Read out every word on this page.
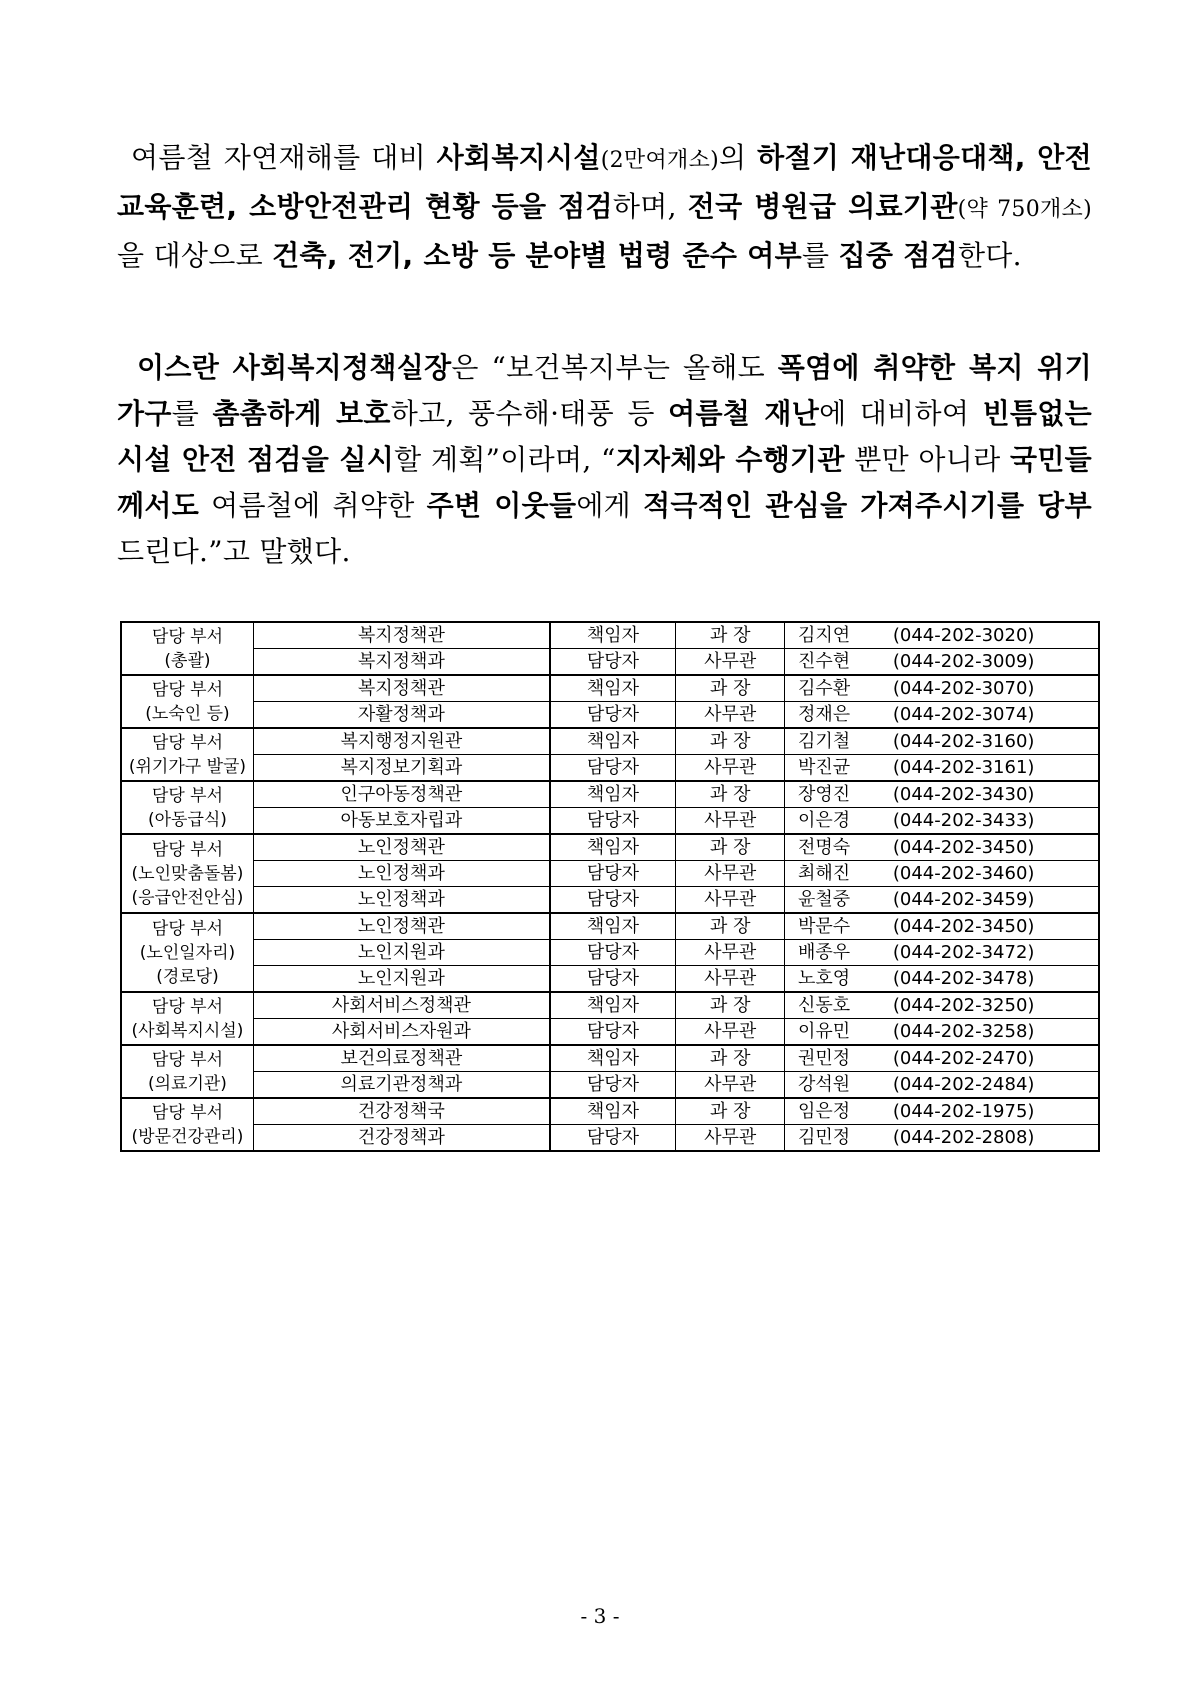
여름철 자연재해를 대비 사회복지시설(2만여개소)의 하절기 재난대응대책, 안전교육훈련, 소방안전관리 현황 등을 점검하며, 전국 병원급 의료기관(약 750개소)을 대상으로 건축, 전기, 소방 등 분야별 법령 준수 여부를 집중 점검한다.
이스란 사회복지정책실장은 “보건복지부는 올해도 폭염에 취약한 복지 위기가구를 촘촘하게 보호하고, 풍수해·태풍 등 여름철 재난에 대비하여 빈틈없는 시설 안전 점검을 실시할 계획”이라며, “지자체와 수행기관 뿐만 아니라 국민들께서도 여름철에 취약한 주변 이웃들에게 적극적인 관심을 가져주시기를 당부드린다.”고 말했다.
담당 부서
(총괄)	복지정책관	책임자	과 장	김지연	(044-202-3020)
	복지정책과	담당자	사무관	진수현	(044-202-3009)

담당 부서
(노숙인 등)	복지정책관	책임자	과 장	김수환	(044-202-3070)
	자활정책과	담당자	사무관	정재은	(044-202-3074)

담당 부서
(위기가구 발굴)	복지행정지원관	책임자	과 장	김기철	(044-202-3160)
	복지정보기획과	담당자	사무관	박진균	(044-202-3161)

담당 부서
(아동급식)	인구아동정책관	책임자	과 장	장영진	(044-202-3430)
	아동보호자립과	담당자	사무관	이은경	(044-202-3433)

담당 부서
(노인맞춤돌봄)
(응급안전안심)	노인정책관	책임자	과 장	전명숙	(044-202-3450)
	노인정책과	담당자	사무관	최해진	(044-202-3460)
	노인정책과	담당자	사무관	윤철중	(044-202-3459)

담당 부서
(노인일자리)
(경로당)	노인정책관	책임자	과 장	박문수	(044-202-3450)
	노인지원과	담당자	사무관	배종우	(044-202-3472)
	노인지원과	담당자	사무관	노호영	(044-202-3478)

담당 부서
(사회복지시설)	사회서비스정책관	책임자	과 장	신동호	(044-202-3250)
	사회서비스자원과	담당자	사무관	이유민	(044-202-3258)

담당 부서
(의료기관)	보건의료정책관	책임자	과 장	권민정	(044-202-2470)
	의료기관정책과	담당자	사무관	강석원	(044-202-2484)

담당 부서
(방문건강관리)	건강정책국	책임자	과 장	임은정	(044-202-1975)
	건강정책과	담당자	사무관	김민정	(044-202-2808)
- 3 -
